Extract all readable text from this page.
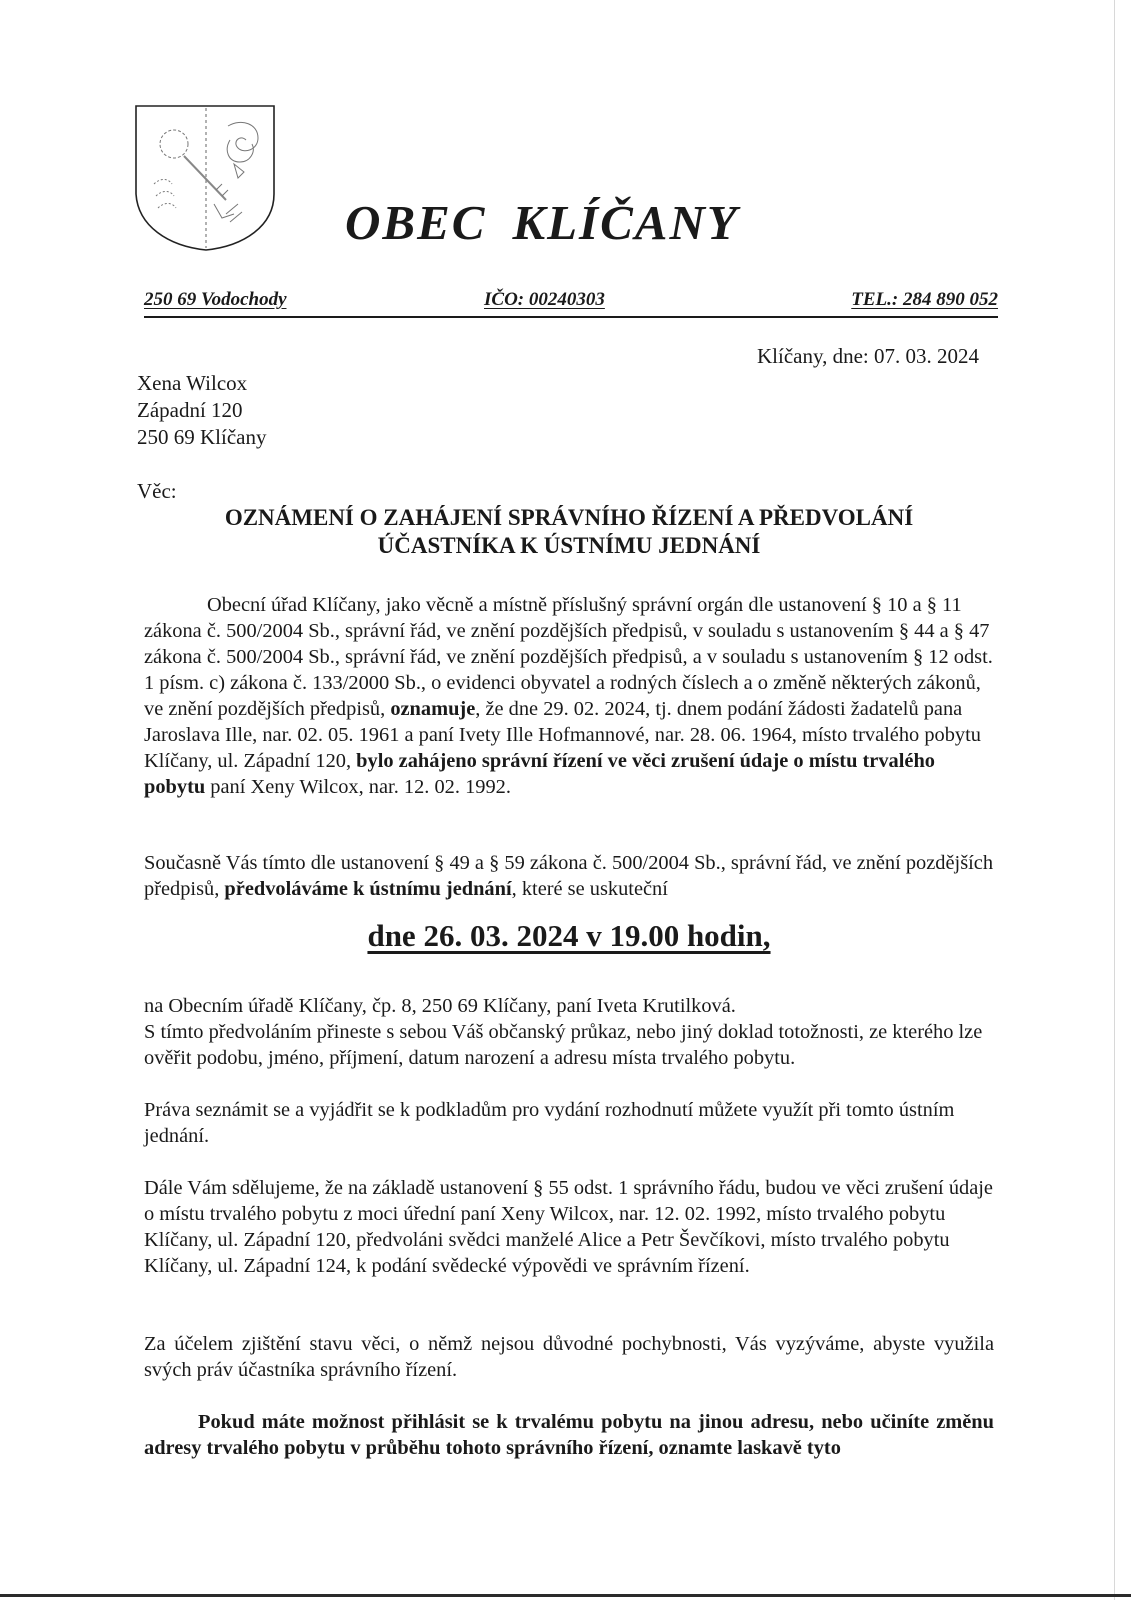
OBEC KLÍČANY
250 69 Vodochody	IČO: 00240303	TEL.: 284 890 052
Klíčany, dne: 07. 03. 2024
Xena Wilcox
Západní 120
250 69 Klíčany
Věc:
OZNÁMENÍ O ZAHÁJENÍ SPRÁVNÍHO ŘÍZENÍ A PŘEDVOLÁNÍ
ÚČASTNÍKA K ÚSTNÍMU JEDNÁNÍ

Obecní úřad Klíčany, jako věcně a místně příslušný správní orgán dle ustanovení § 10 a § 11 zákona č. 500/2004 Sb., správní řád, ve znění pozdějších předpisů, v souladu s ustanovením § 44 a § 47 zákona č. 500/2004 Sb., správní řád, ve znění pozdějších předpisů, a v souladu s ustanovením § 12 odst. 1 písm. c) zákona č. 133/2000 Sb., o evidenci obyvatel a rodných číslech a o změně některých zákonů, ve znění pozdějších předpisů, oznamuje, že dne 29. 02. 2024, tj. dnem podání žádosti žadatelů pana Jaroslava Ille, nar. 02. 05. 1961 a paní Ivety Ille Hofmannové, nar. 28. 06. 1964, místo trvalého pobytu Klíčany, ul. Západní 120, bylo zahájeno správní řízení ve věci zrušení údaje o místu trvalého pobytu paní Xeny Wilcox, nar. 12. 02. 1992.

Současně Vás tímto dle ustanovení § 49 a § 59 zákona č. 500/2004 Sb., správní řád, ve znění pozdějších předpisů, předvoláváme k ústnímu jednání, které se uskuteční

dne 26. 03. 2024 v 19.00 hodin,

na Obecním úřadě Klíčany, čp. 8, 250 69 Klíčany, paní Iveta Krutilková.
S tímto předvoláním přineste s sebou Váš občanský průkaz, nebo jiný doklad totožnosti, ze kterého lze ověřit podobu, jméno, příjmení, datum narození a adresu místa trvalého pobytu.

Práva seznámit se a vyjádřit se k podkladům pro vydání rozhodnutí můžete využít při tomto ústním jednání.

Dále Vám sdělujeme, že na základě ustanovení § 55 odst. 1 správního řádu, budou ve věci zrušení údaje o místu trvalého pobytu z moci úřední paní Xeny Wilcox, nar. 12. 02. 1992, místo trvalého pobytu Klíčany, ul. Západní 120, předvoláni svědci manželé Alice a Petr Ševčíkovi, místo trvalého pobytu Klíčany, ul. Západní 124, k podání svědecké výpovědi ve správním řízení.

Za účelem zjištění stavu věci, o němž nejsou důvodné pochybnosti, Vás vyzýváme, abyste využila svých práv účastníka správního řízení.

Pokud máte možnost přihlásit se k trvalému pobytu na jinou adresu, nebo učiníte změnu adresy trvalého pobytu v průběhu tohoto správního řízení, oznamte laskavě tyto
